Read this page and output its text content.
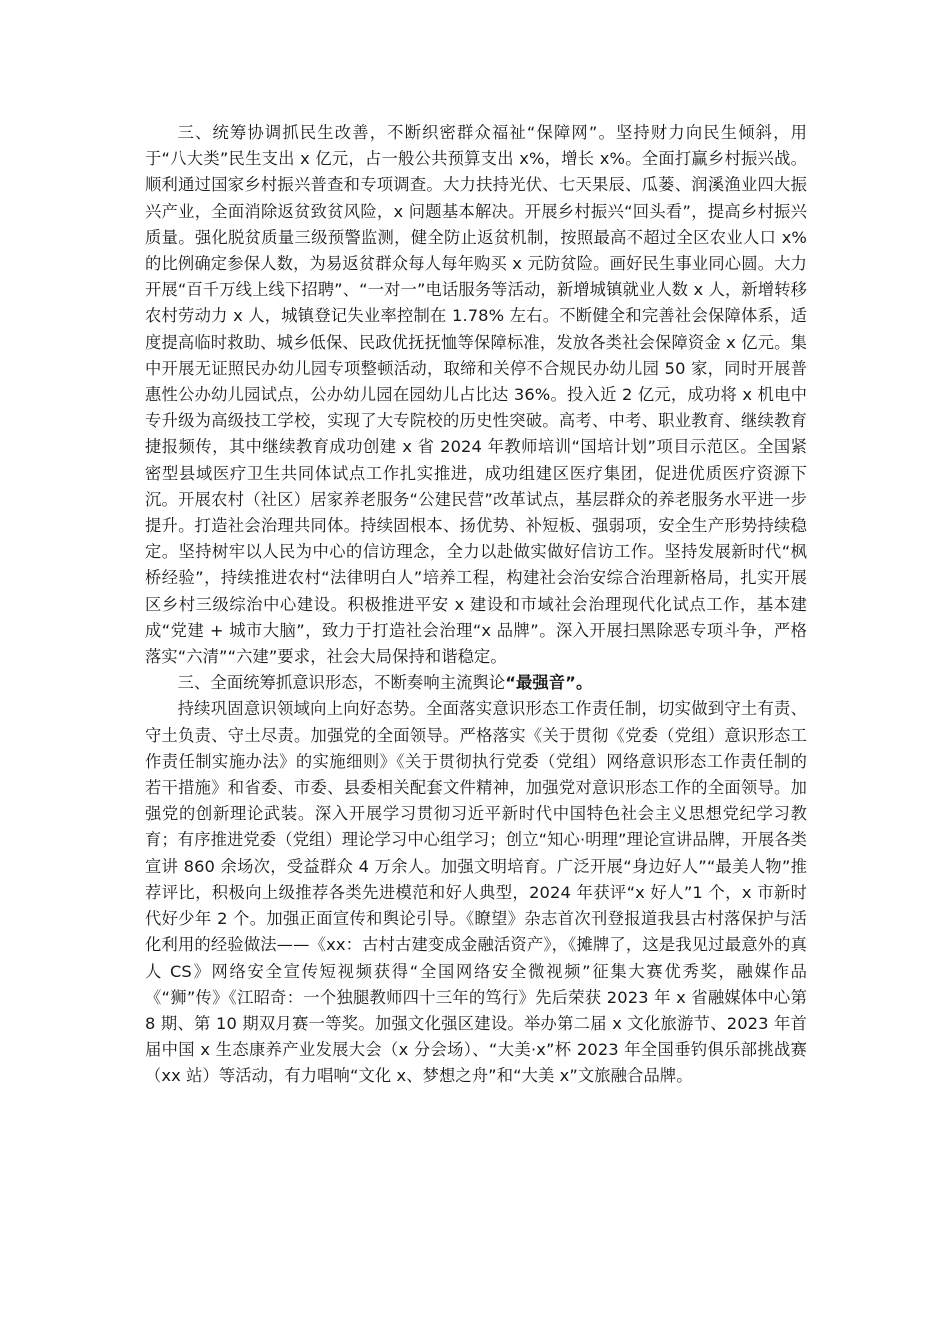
三、统筹协调抓民生改善，不断织密群众福祉“保障网”。坚持财力向民生倾斜，用于“八大类”民生支出 x 亿元，占一般公共预算支出 x%，增长 x%。全面打赢乡村振兴战。顺利通过国家乡村振兴普查和专项调查。大力扶持光伏、七天果辰、瓜蒌、润溪渔业四大振兴产业，全面消除返贫致贫风险，x 问题基本解决。开展乡村振兴“回头看”，提高乡村振兴质量。强化脱贫质量三级预警监测，健全防止返贫机制，按照最高不超过全区农业人口 x% 的比例确定参保人数，为易返贫群众每人每年购买 x 元防贫险。画好民生事业同心圆。大力开展“百千万线上线下招聘”、“一对一”电话服务等活动，新增城镇就业人数 x 人，新增转移农村劳动力 x 人，城镇登记失业率控制在 1.78% 左右。不断健全和完善社会保障体系，适度提高临时救助、城乡低保、民政优抚抚恤等保障标准，发放各类社会保障资金 x 亿元。集中开展无证照民办幼儿园专项整顿活动，取缔和关停不合规民办幼儿园 50 家，同时开展普惠性公办幼儿园试点，公办幼儿园在园幼儿占比达 36%。投入近 2 亿元，成功将 x 机电中专升级为高级技工学校，实现了大专院校的历史性突破。高考、中考、职业教育、继续教育捷报频传，其中继续教育成功创建 x 省 2024 年教师培训“国培计划”项目示范区。全国紧密型县域医疗卫生共同体试点工作扎实推进，成功组建区医疗集团，促进优质医疗资源下沉。开展农村（社区）居家养老服务“公建民营”改革试点，基层群众的养老服务水平进一步提升。打造社会治理共同体。持续固根本、扬优势、补短板、强弱项，安全生产形势持续稳定。坚持树牢以人民为中心的信访理念，全力以赴做实做好信访工作。坚持发展新时代“枫桥经验”，持续推进农村“法律明白人”培养工程，构建社会治安综合治理新格局，扎实开展区乡村三级综治中心建设。积极推进平安 x 建设和市域社会治理现代化试点工作，基本建成“党建 + 城市大脑”，致力于打造社会治理“x 品牌”。深入开展扫黑除恶专项斗争，严格落实“六清”“六建”要求，社会大局保持和谐稳定。

三、全面统筹抓意识形态，不断奏响主流舆论“最强音”。

持续巩固意识领域向上向好态势。全面落实意识形态工作责任制，切实做到守土有责、守土负责、守土尽责。加强党的全面领导。严格落实《关于贯彻《党委（党组）意识形态工作责任制实施办法》的实施细则》《关于贯彻执行党委（党组）网络意识形态工作责任制的若干措施》和省委、市委、县委相关配套文件精神，加强党对意识形态工作的全面领导。加强党的创新理论武装。深入开展学习贯彻习近平新时代中国特色社会主义思想党纪学习教育；有序推进党委（党组）理论学习中心组学习；创立“知心·明理”理论宣讲品牌，开展各类宣讲 860 余场次，受益群众 4 万余人。加强文明培育。广泛开展“身边好人”“最美人物”推荐评比，积极向上级推荐各类先进模范和好人典型，2024 年获评“x 好人”1 个，x 市新时代好少年 2 个。加强正面宣传和舆论引导。《瞭望》杂志首次刊登报道我县古村落保护与活化利用的经验做法——《xx：古村古建变成金融活资产》，《摊牌了，这是我见过最意外的真人 CS》网络安全宣传短视频获得“全国网络安全微视频”征集大赛优秀奖，融媒作品《“狮”传》《江昭奇：一个独腿教师四十三年的笃行》先后荣获 2023 年 x 省融媒体中心第 8 期、第 10 期双月赛一等奖。加强文化强区建设。举办第二届 x 文化旅游节、2023 年首届中国 x 生态康养产业发展大会（x 分会场）、“大美·x”杯 2023 年全国垂钓俱乐部挑战赛（xx 站）等活动，有力唱响“文化 x、梦想之舟”和“大美 x”文旅融合品牌。
